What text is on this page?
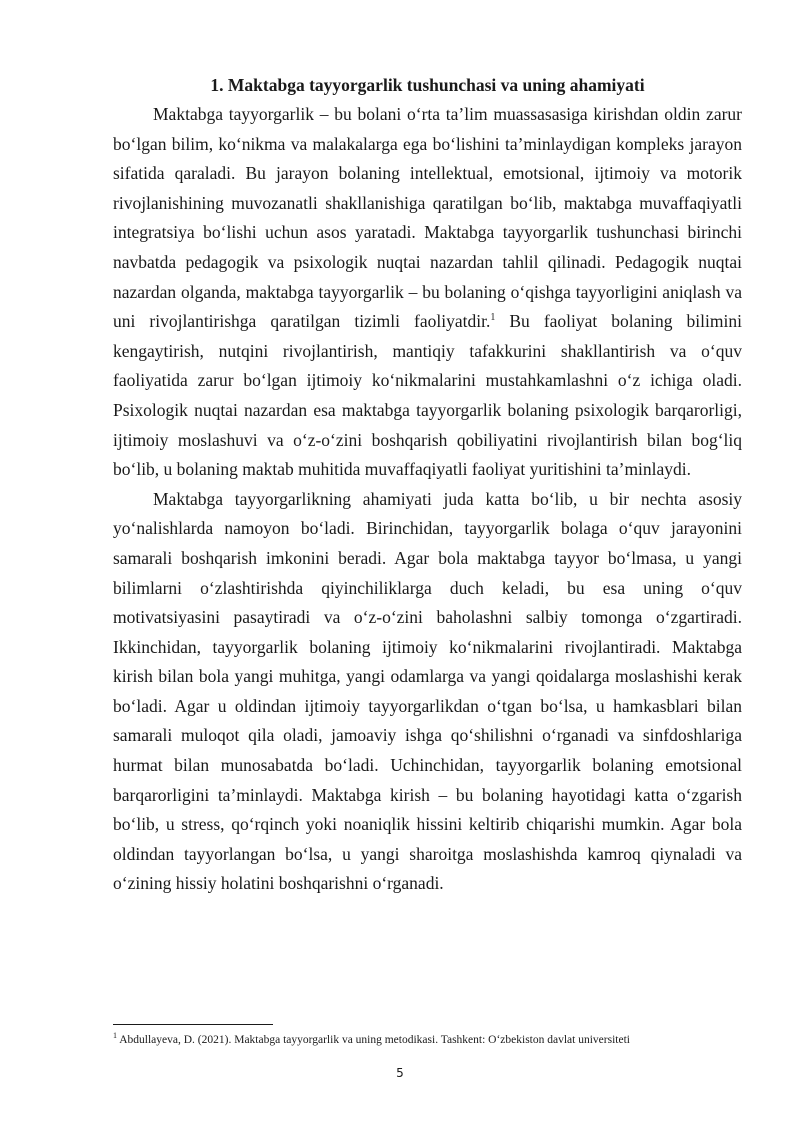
1. Maktabga tayyorgarlik tushunchasi va uning ahamiyati

Maktabga tayyorgarlik – bu bolani o‘rta ta’lim muassasasiga kirishdan oldin zarur bo‘lgan bilim, ko‘nikma va malakalarga ega bo‘lishini ta’minlaydigan kompleks jarayon sifatida qaraladi. Bu jarayon bolaning intellektual, emotsional, ijtimoiy va motorik rivojlanishining muvozanatli shakllanishiga qaratilgan bo‘lib, maktabga muvaffaqiyatli integratsiya bo‘lishi uchun asos yaratadi. Maktabga tayyorgarlik tushunchasi birinchi navbatda pedagogik va psixologik nuqtai nazardan tahlil qilinadi. Pedagogik nuqtai nazardan olganda, maktabga tayyorgarlik – bu bolaning o‘qishga tayyorligini aniqlash va uni rivojlantirishga qaratilgan tizimli faoliyatdir.$^1$ Bu faoliyat bolaning bilimini kengaytirish, nutqini rivojlantirish, mantiqiy tafakkurini shakllantirish va o‘quv faoliyatida zarur bo‘lgan ijtimoiy ko‘nikmalarini mustahkamlashni o‘z ichiga oladi. Psixologik nuqtai nazardan esa maktabga tayyorgarlik bolaning psixologik barqarorligi, ijtimoiy moslashuvi va o‘z-o‘zini boshqarish qobiliyatini rivojlantirish bilan bog‘liq bo‘lib, u bolaning maktab muhitida muvaffaqiyatli faoliyat yuritishini ta’minlaydi.

Maktabga tayyorgarlikning ahamiyati juda katta bo‘lib, u bir nechta asosiy yo‘nalishlarda namoyon bo‘ladi. Birinchidan, tayyorgarlik bolaga o‘quv jarayonini samarali boshqarish imkonini beradi. Agar bola maktabga tayyor bo‘lmasa, u yangi bilimlarni o‘zlashtirishda qiyinchiliklarga duch keladi, bu esa uning o‘quv motivatsiyasini pasaytiradi va o‘z-o‘zini baholashni salbiy tomonga o‘zgartiradi. Ikkinchidan, tayyorgarlik bolaning ijtimoiy ko‘nikmalarini rivojlantiradi. Maktabga kirish bilan bola yangi muhitga, yangi odamlarga va yangi qoidalarga moslashishi kerak bo‘ladi. Agar u oldindan ijtimoiy tayyorgarlikdan o‘tgan bo‘lsa, u hamkasblari bilan samarali muloqot qila oladi, jamoaviy ishga qo‘shilishni o‘rganadi va sinfdoshlariga hurmat bilan munosabatda bo‘ladi. Uchinchidan, tayyorgarlik bolaning emotsional barqarorligini ta’minlaydi. Maktabga kirish – bu bolaning hayotidagi katta o‘zgarish bo‘lib, u stress, qo‘rqinch yoki noaniqlik hissini keltirib chiqarishi mumkin. Agar bola oldindan tayyorlangan bo‘lsa, u yangi sharoitga moslashishda kamroq qiynaladi va o‘zining hissiy holatini boshqarishni o‘rganadi.

$^1$ Abdullayeva, D. (2021). Maktabga tayyorgarlik va uning metodikasi. Tashkent: O‘zbekiston davlat universiteti
5
